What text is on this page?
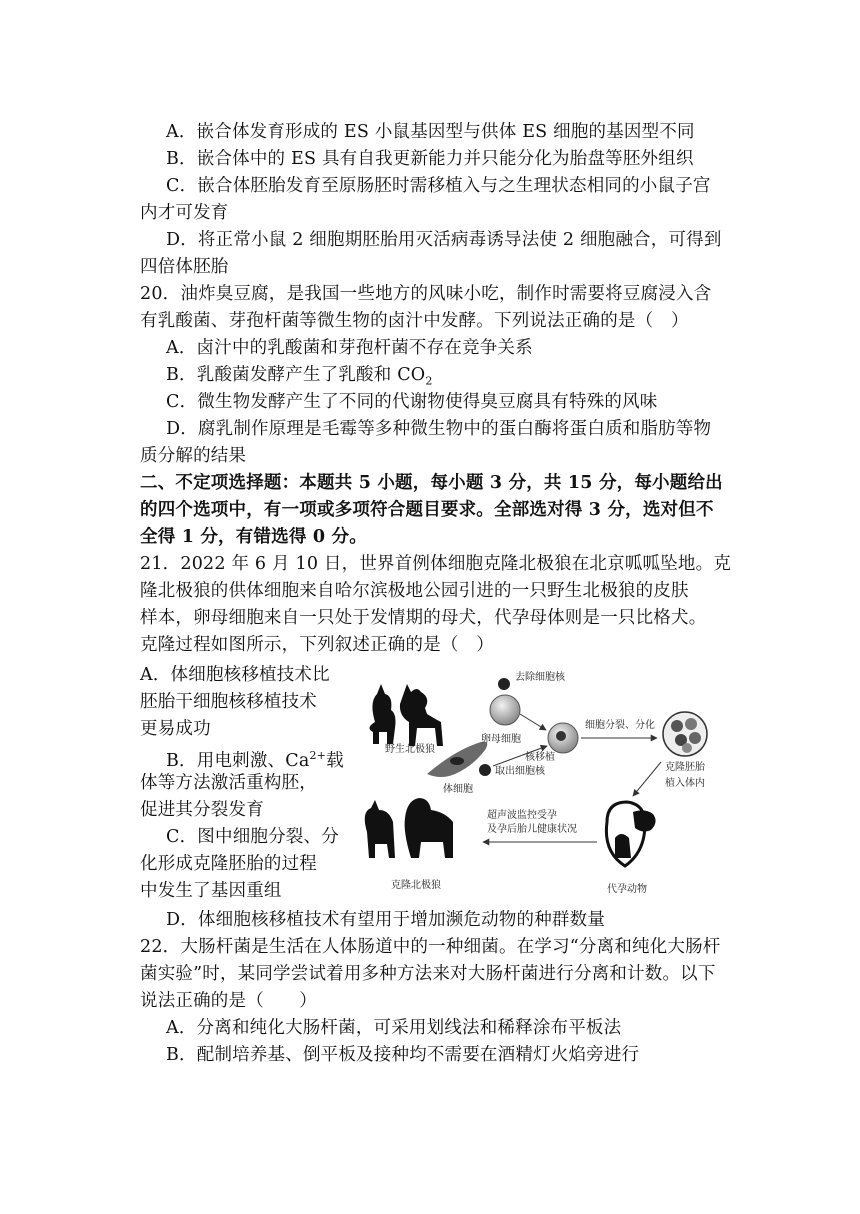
A．嵌合体发育形成的 ES 小鼠基因型与供体 ES 细胞的基因型不同
B．嵌合体中的 ES 具有自我更新能力并只能分化为胎盘等胚外组织
C．嵌合体胚胎发育至原肠胚时需移植入与之生理状态相同的小鼠子宫
内才可发育
D．将正常小鼠 2 细胞期胚胎用灭活病毒诱导法使 2 细胞融合，可得到
四倍体胚胎
20．油炸臭豆腐，是我国一些地方的风味小吃，制作时需要将豆腐浸入含
有乳酸菌、芽孢杆菌等微生物的卤汁中发酵。下列说法正确的是（　）
A．卤汁中的乳酸菌和芽孢杆菌不存在竞争关系
B．乳酸菌发酵产生了乳酸和 $CO_2$
C．微生物发酵产生了不同的代谢物使得臭豆腐具有特殊的风味
D．腐乳制作原理是毛霉等多种微生物中的蛋白酶将蛋白质和脂肪等物
质分解的结果
二、不定项选择题：本题共 5 小题，每小题 3 分，共 15 分，每小题给出
的四个选项中，有一项或多项符合题目要求。全部选对得 3 分，选对但不
全得 1 分，有错选得 0 分。
21．2022 年 6 月 10 日，世界首例体细胞克隆北极狼在北京呱呱坠地。克
隆北极狼的供体细胞来自哈尔滨极地公园引进的一只野生北极狼的皮肤
样本，卵母细胞来自一只处于发情期的母犬，代孕母体则是一只比格犬。
克隆过程如图所示，下列叙述正确的是（　）
A．体细胞核移植技术比
胚胎干细胞核移植技术
更易成功
B．用电刺激、$Ca^{2+}$载
体等方法激活重构胚，
促进其分裂发育
C．图中细胞分裂、分
化形成克隆胚胎的过程
中发生了基因重组
D．体细胞核移植技术有望用于增加濒危动物的种群数量
野生北极狼
体细胞
取出细胞核
去除细胞核
卵母细胞
核移植
细胞分裂、分化
克隆胚胎
植入体内
代孕动物
超声波监控受孕
及孕后胎儿健康状况
克隆北极狼
22．大肠杆菌是生活在人体肠道中的一种细菌。在学习“分离和纯化大肠杆
菌实验”时，某同学尝试着用多种方法来对大肠杆菌进行分离和计数。以下
说法正确的是（　　）
A．分离和纯化大肠杆菌，可采用划线法和稀释涂布平板法
B．配制培养基、倒平板及接种均不需要在酒精灯火焰旁进行
